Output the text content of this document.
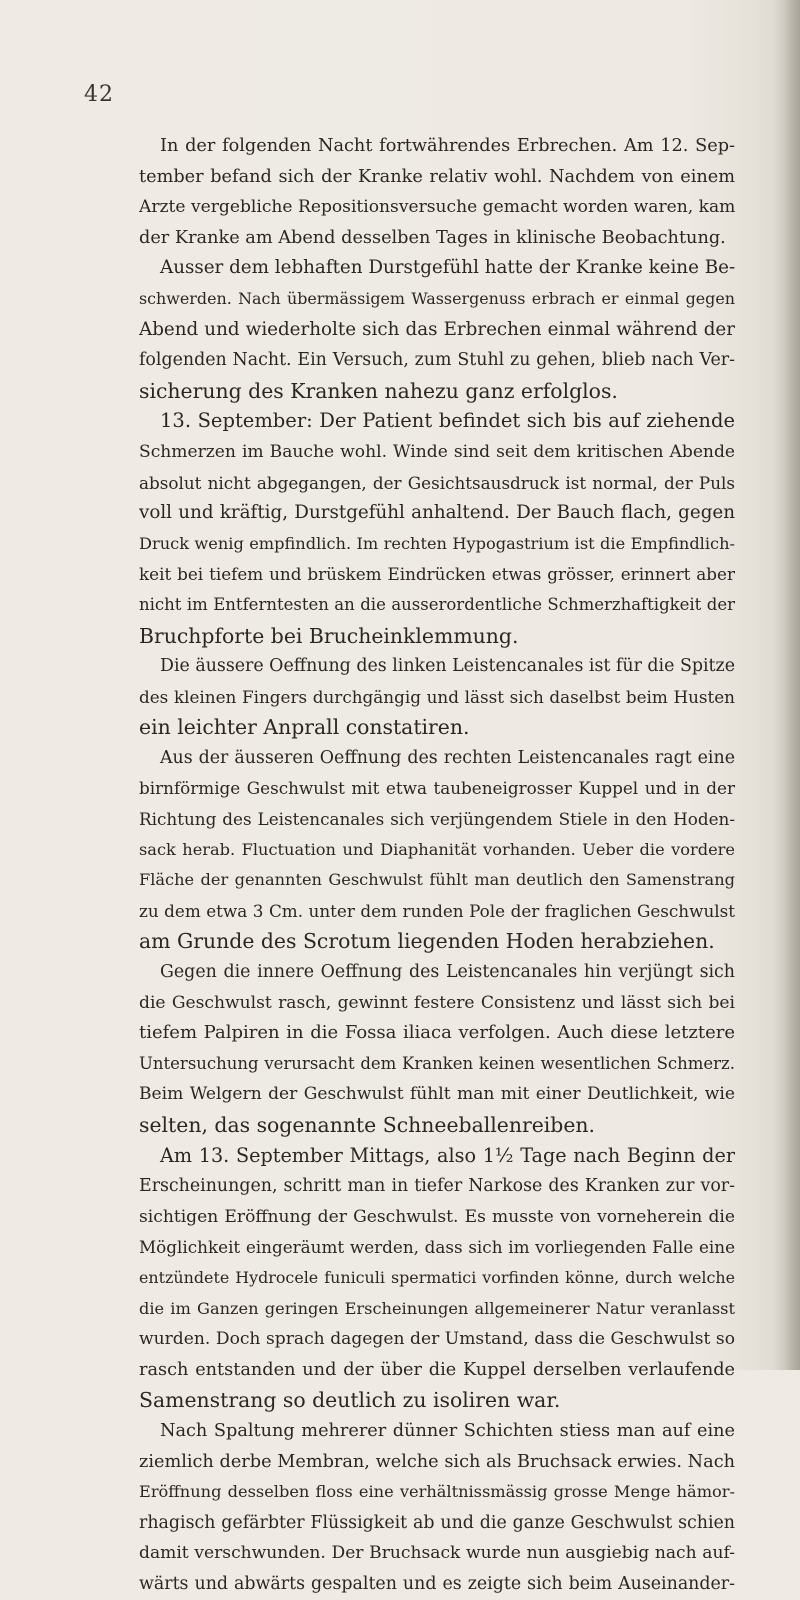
42
In der folgenden Nacht fortwährendes Erbrechen. Am 12. Sep-
tember befand sich der Kranke relativ wohl. Nachdem von einem
Arzte vergebliche Repositionsversuche gemacht worden waren, kam
der Kranke am Abend desselben Tages in klinische Beobachtung.
Ausser dem lebhaften Durstgefühl hatte der Kranke keine Be-
schwerden. Nach übermässigem Wassergenuss erbrach er einmal gegen
Abend und wiederholte sich das Erbrechen einmal während der
folgenden Nacht. Ein Versuch, zum Stuhl zu gehen, blieb nach Ver-
sicherung des Kranken nahezu ganz erfolglos.
13. September: Der Patient befindet sich bis auf ziehende
Schmerzen im Bauche wohl. Winde sind seit dem kritischen Abende
absolut nicht abgegangen, der Gesichtsausdruck ist normal, der Puls
voll und kräftig, Durstgefühl anhaltend. Der Bauch flach, gegen
Druck wenig empfindlich. Im rechten Hypogastrium ist die Empfindlich-
keit bei tiefem und brüskem Eindrücken etwas grösser, erinnert aber
nicht im Entferntesten an die ausserordentliche Schmerzhaftigkeit der
Bruchpforte bei Brucheinklemmung.
Die äussere Oeffnung des linken Leistencanales ist für die Spitze
des kleinen Fingers durchgängig und lässt sich daselbst beim Husten
ein leichter Anprall constatiren.
Aus der äusseren Oeffnung des rechten Leistencanales ragt eine
birnförmige Geschwulst mit etwa taubeneigrosser Kuppel und in der
Richtung des Leistencanales sich verjüngendem Stiele in den Hoden-
sack herab. Fluctuation und Diaphanität vorhanden. Ueber die vordere
Fläche der genannten Geschwulst fühlt man deutlich den Samenstrang
zu dem etwa 3 Cm. unter dem runden Pole der fraglichen Geschwulst
am Grunde des Scrotum liegenden Hoden herabziehen.
Gegen die innere Oeffnung des Leistencanales hin verjüngt sich
die Geschwulst rasch, gewinnt festere Consistenz und lässt sich bei
tiefem Palpiren in die Fossa iliaca verfolgen. Auch diese letztere
Untersuchung verursacht dem Kranken keinen wesentlichen Schmerz.
Beim Welgern der Geschwulst fühlt man mit einer Deutlichkeit, wie
selten, das sogenannte Schneeballenreiben.
Am 13. September Mittags, also 1½ Tage nach Beginn der
Erscheinungen, schritt man in tiefer Narkose des Kranken zur vor-
sichtigen Eröffnung der Geschwulst. Es musste von vorneherein die
Möglichkeit eingeräumt werden, dass sich im vorliegenden Falle eine
entzündete Hydrocele funiculi spermatici vorfinden könne, durch welche
die im Ganzen geringen Erscheinungen allgemeinerer Natur veranlasst
wurden. Doch sprach dagegen der Umstand, dass die Geschwulst so
rasch entstanden und der über die Kuppel derselben verlaufende
Samenstrang so deutlich zu isoliren war.
Nach Spaltung mehrerer dünner Schichten stiess man auf eine
ziemlich derbe Membran, welche sich als Bruchsack erwies. Nach
Eröffnung desselben floss eine verhältnissmässig grosse Menge hämor-
rhagisch gefärbter Flüssigkeit ab und die ganze Geschwulst schien
damit verschwunden. Der Bruchsack wurde nun ausgiebig nach auf-
wärts und abwärts gespalten und es zeigte sich beim Auseinander-
